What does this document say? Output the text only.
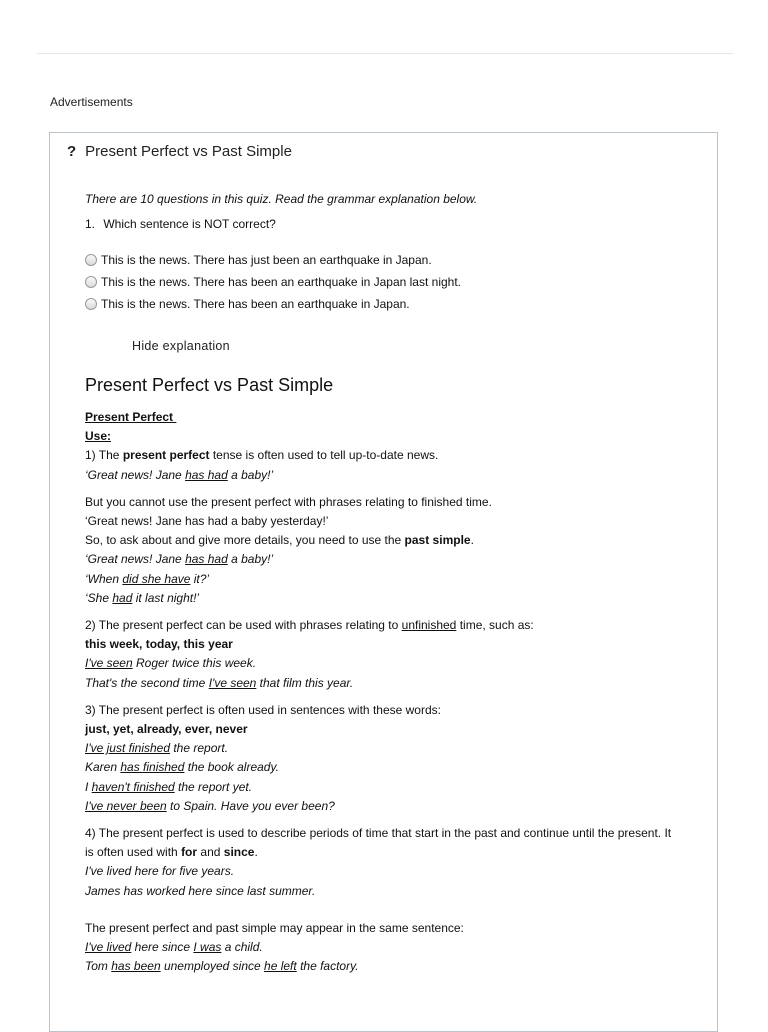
Advertisements
? Present Perfect vs Past Simple
There are 10 questions in this quiz. Read the grammar explanation below.
1. Which sentence is NOT correct?
This is the news. There has just been an earthquake in Japan.
This is the news. There has been an earthquake in Japan last night.
This is the news. There has been an earthquake in Japan.
Hide explanation
Present Perfect vs Past Simple
Present Perfect
Use:

1) The present perfect tense is often used to tell up-to-date news.
‘Great news! Jane has had a baby!’

But you cannot use the present perfect with phrases relating to finished time.
‘Great news! Jane has had a baby yesterday!’
So, to ask about and give more details, you need to use the past simple.
‘Great news! Jane has had a baby!’
‘When did she have it?’
‘She had it last night!’

2) The present perfect can be used with phrases relating to unfinished time, such as:
this week, today, this year
I've seen Roger twice this week.
That's the second time I've seen that film this year.

3) The present perfect is often used in sentences with these words:
just, yet, already, ever, never
I've just finished the report.
Karen has finished the book already.
I haven't finished the report yet.
I've never been to Spain. Have you ever been?

4) The present perfect is used to describe periods of time that start in the past and continue until the present. It
is often used with for and since.
I've lived here for five years.
James has worked here since last summer.

The present perfect and past simple may appear in the same sentence:
I've lived here since I was a child.
Tom has been unemployed since he left the factory.
